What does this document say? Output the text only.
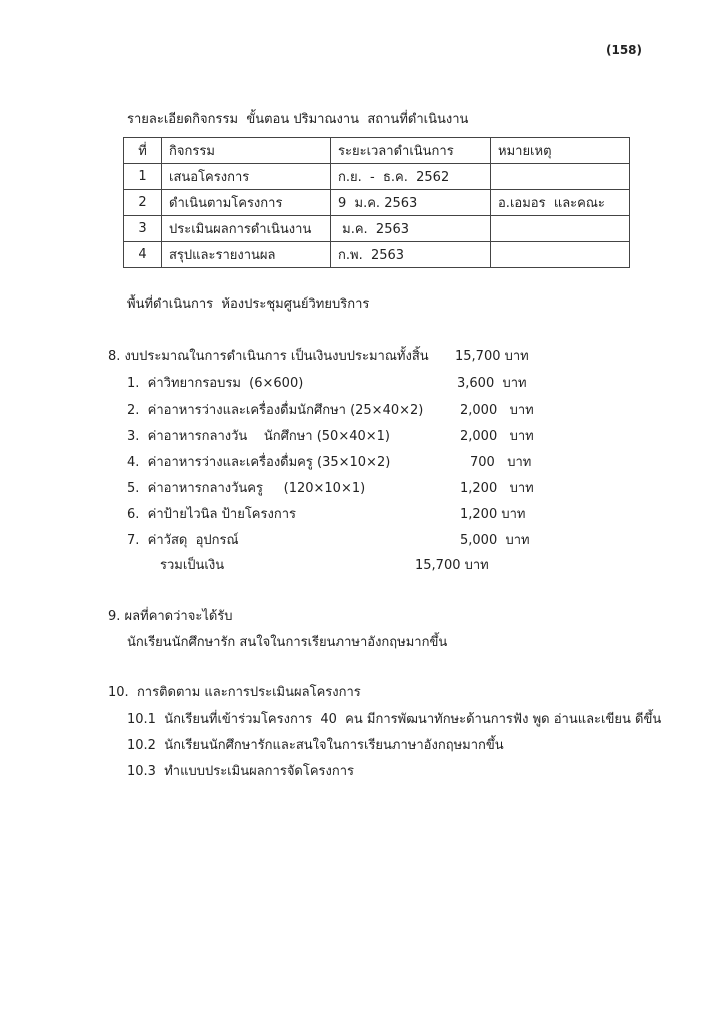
(158)
รายละเอียดกิจกรรม  ขั้นตอน ปริมาณงาน  สถานที่ดำเนินงาน
ที่	กิจกรรม	ระยะเวลาดำเนินการ	หมายเหตุ
1	เสนอโครงการ	ก.ย.  -  ธ.ค.  2562	
2	ดำเนินตามโครงการ	9  ม.ค. 2563	อ.เอมอร  และคณะ
3	ประเมินผลการดำเนินงาน	ม.ค.  2563	
4	สรุปและรายงานผล	ก.พ.  2563	
พื้นที่ดำเนินการ  ห้องประชุมศูนย์วิทยบริการ
8. งบประมาณในการดำเนินการ เป็นเงินงบประมาณทั้งสิ้น 15,700 บาท
1.  ค่าวิทยากรอบรม  (6×600)	3,600  บาท
2.  ค่าอาหารว่างและเครื่องดื่มนักศึกษา (25×40×2)	2,000   บาท
3.  ค่าอาหารกลางวัน    นักศึกษา (50×40×1)	2,000   บาท
4.  ค่าอาหารว่างและเครื่องดื่มครู (35×10×2)	700   บาท
5.  ค่าอาหารกลางวันครู     (120×10×1)	1,200   บาท
6.  ค่าป้ายไวนิล ป้ายโครงการ	1,200 บาท
7.  ค่าวัสดุ  อุปกรณ์	5,000  บาท
รวมเป็นเงิน	15,700 บาท
9. ผลที่คาดว่าจะได้รับ
นักเรียนนักศึกษารัก สนใจในการเรียนภาษาอังกฤษมากขึ้น
10.  การติดตาม และการประเมินผลโครงการ
10.1  นักเรียนที่เข้าร่วมโครงการ  40  คน มีการพัฒนาทักษะด้านการฟัง พูด อ่านและเขียน ดีขึ้น
10.2  นักเรียนนักศึกษารักและสนใจในการเรียนภาษาอังกฤษมากขึ้น
10.3  ทำแบบประเมินผลการจัดโครงการ
